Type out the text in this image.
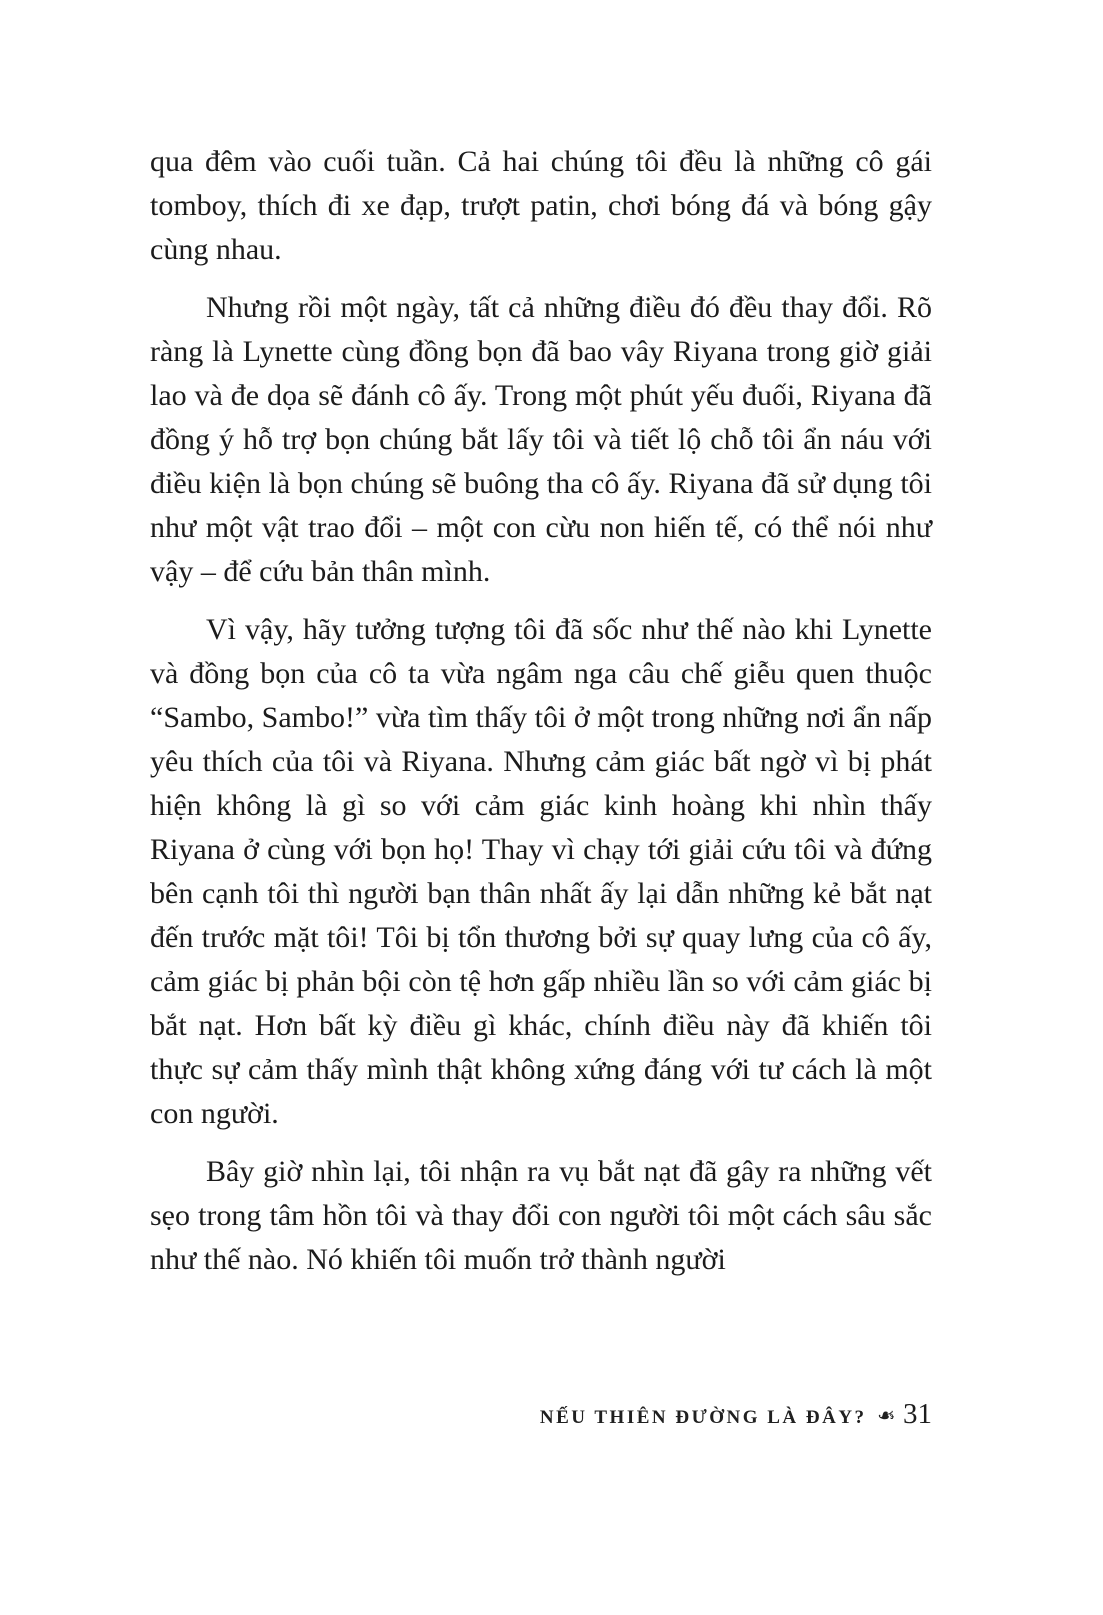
qua đêm vào cuối tuần. Cả hai chúng tôi đều là những cô gái tomboy, thích đi xe đạp, trượt patin, chơi bóng đá và bóng gậy cùng nhau.

Nhưng rồi một ngày, tất cả những điều đó đều thay đổi. Rõ ràng là Lynette cùng đồng bọn đã bao vây Riyana trong giờ giải lao và đe dọa sẽ đánh cô ấy. Trong một phút yếu đuối, Riyana đã đồng ý hỗ trợ bọn chúng bắt lấy tôi và tiết lộ chỗ tôi ẩn náu với điều kiện là bọn chúng sẽ buông tha cô ấy. Riyana đã sử dụng tôi như một vật trao đổi – một con cừu non hiến tế, có thể nói như vậy – để cứu bản thân mình.

Vì vậy, hãy tưởng tượng tôi đã sốc như thế nào khi Lynette và đồng bọn của cô ta vừa ngâm nga câu chế giễu quen thuộc “Sambo, Sambo!” vừa tìm thấy tôi ở một trong những nơi ẩn nấp yêu thích của tôi và Riyana. Nhưng cảm giác bất ngờ vì bị phát hiện không là gì so với cảm giác kinh hoàng khi nhìn thấy Riyana ở cùng với bọn họ! Thay vì chạy tới giải cứu tôi và đứng bên cạnh tôi thì người bạn thân nhất ấy lại dẫn những kẻ bắt nạt đến trước mặt tôi! Tôi bị tổn thương bởi sự quay lưng của cô ấy, cảm giác bị phản bội còn tệ hơn gấp nhiều lần so với cảm giác bị bắt nạt. Hơn bất kỳ điều gì khác, chính điều này đã khiến tôi thực sự cảm thấy mình thật không xứng đáng với tư cách là một con người.

Bây giờ nhìn lại, tôi nhận ra vụ bắt nạt đã gây ra những vết sẹo trong tâm hồn tôi và thay đổi con người tôi một cách sâu sắc như thế nào. Nó khiến tôi muốn trở thành người

NẾU THIÊN ĐƯỜNG LÀ ĐÂY? ❧ 31
